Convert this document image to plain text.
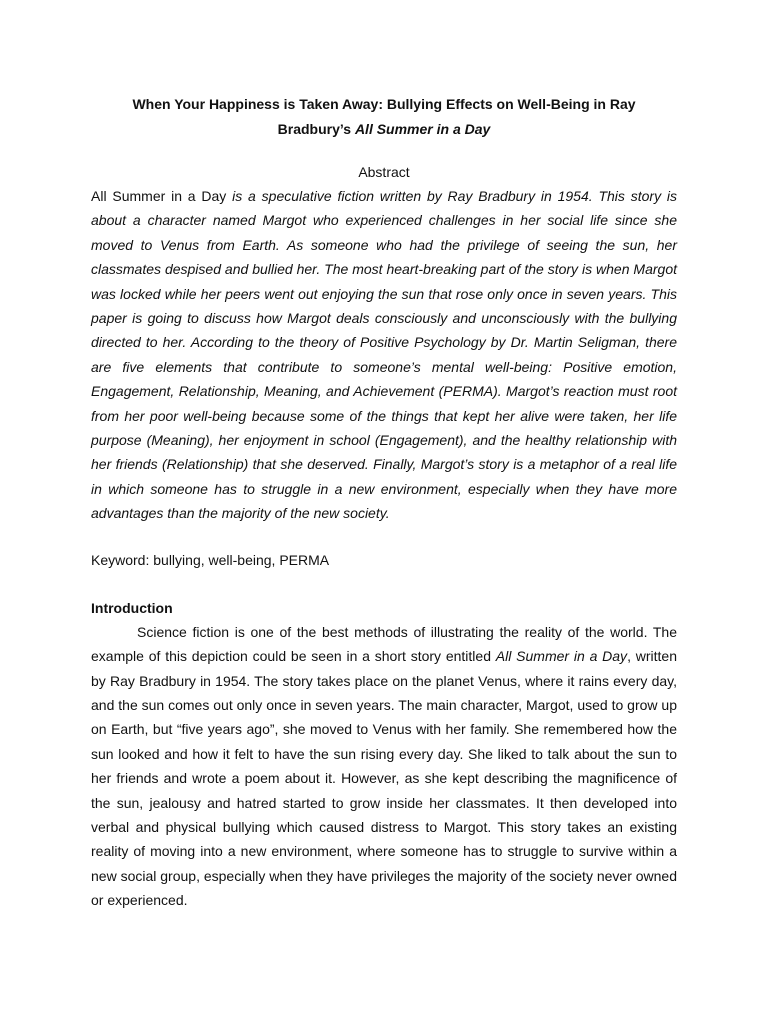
When Your Happiness is Taken Away: Bullying Effects on Well-Being in Ray
Bradbury’s All Summer in a Day

Abstract

All Summer in a Day is a speculative fiction written by Ray Bradbury in 1954. This story is about a character named Margot who experienced challenges in her social life since she moved to Venus from Earth. As someone who had the privilege of seeing the sun, her classmates despised and bullied her. The most heart-breaking part of the story is when Margot was locked while her peers went out enjoying the sun that rose only once in seven years. This paper is going to discuss how Margot deals consciously and unconsciously with the bullying directed to her. According to the theory of Positive Psychology by Dr. Martin Seligman, there are five elements that contribute to someone’s mental well-being: Positive emotion, Engagement, Relationship, Meaning, and Achievement (PERMA). Margot’s reaction must root from her poor well-being because some of the things that kept her alive were taken, her life purpose (Meaning), her enjoyment in school (Engagement), and the healthy relationship with her friends (Relationship) that she deserved. Finally, Margot’s story is a metaphor of a real life in which someone has to struggle in a new environment, especially when they have more advantages than the majority of the new society.

Keyword: bullying, well-being, PERMA

Introduction

Science fiction is one of the best methods of illustrating the reality of the world. The example of this depiction could be seen in a short story entitled All Summer in a Day, written by Ray Bradbury in 1954. The story takes place on the planet Venus, where it rains every day, and the sun comes out only once in seven years. The main character, Margot, used to grow up on Earth, but “five years ago”, she moved to Venus with her family. She remembered how the sun looked and how it felt to have the sun rising every day. She liked to talk about the sun to her friends and wrote a poem about it. However, as she kept describing the magnificence of the sun, jealousy and hatred started to grow inside her classmates. It then developed into verbal and physical bullying which caused distress to Margot. This story takes an existing reality of moving into a new environment, where someone has to struggle to survive within a new social group, especially when they have privileges the majority of the society never owned or experienced.
